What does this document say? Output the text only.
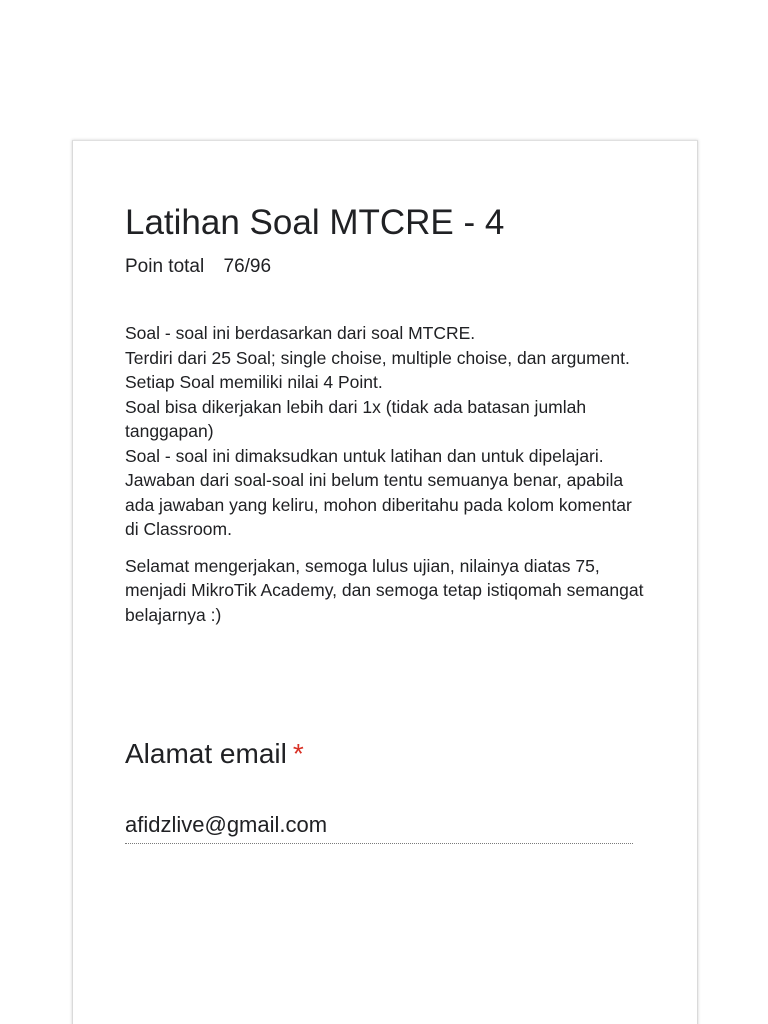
Latihan Soal MTCRE - 4
Poin total 76/96

Soal - soal ini berdasarkan dari soal MTCRE.

Terdiri dari 25 Soal; single choise, multiple choise, dan argument.

Setiap Soal memiliki nilai 4 Point.

Soal bisa dikerjakan lebih dari 1x (tidak ada batasan jumlah tanggapan)

Soal - soal ini dimaksudkan untuk latihan dan untuk dipelajari.

Jawaban dari soal-soal ini belum tentu semuanya benar, apabila ada jawaban yang keliru, mohon diberitahu pada kolom komentar di Classroom.

Selamat mengerjakan, semoga lulus ujian, nilainya diatas 75, menjadi MikroTik Academy, dan semoga tetap istiqomah semangat belajarnya :)

Alamat email *
afidzlive@gmail.com
